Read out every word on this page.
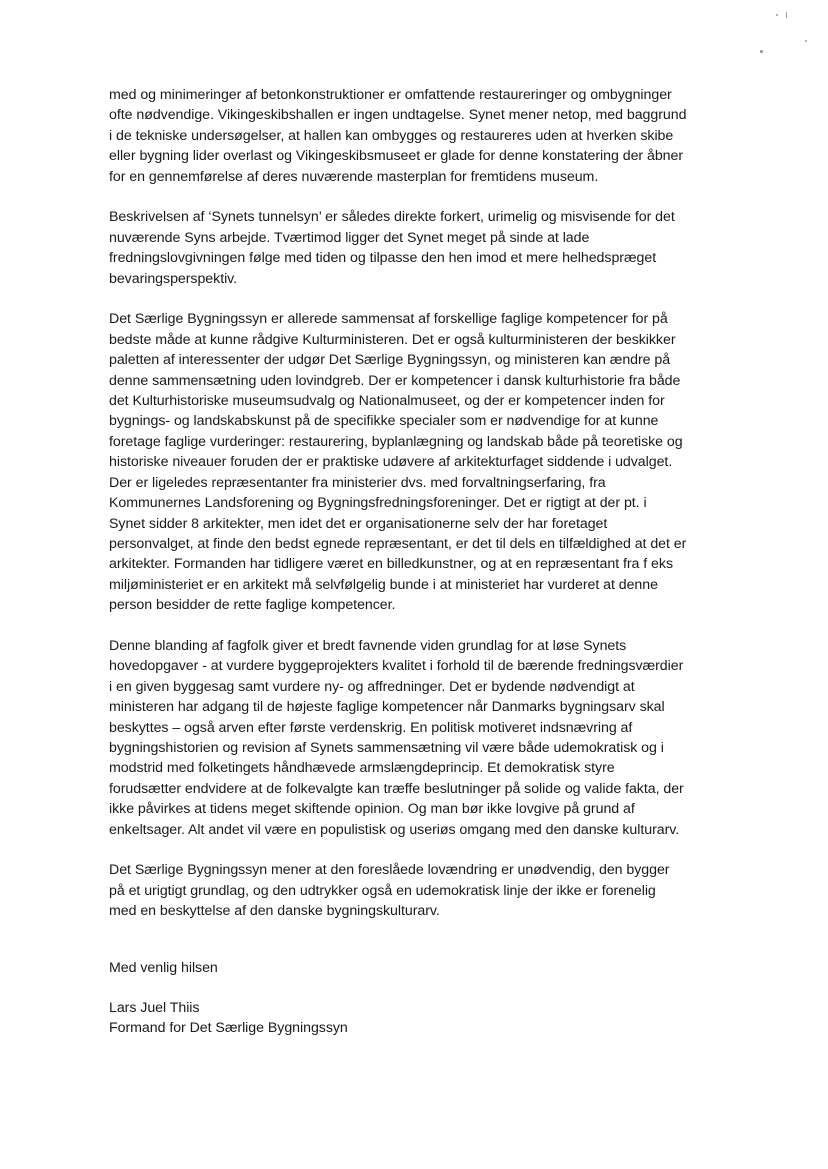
med og minimeringer af betonkonstruktioner er omfattende restaureringer og ombygninger
ofte nødvendige. Vikingeskibshallen er ingen undtagelse. Synet mener netop, med baggrund
i de tekniske undersøgelser, at hallen kan ombygges og restaureres uden at hverken skibe
eller bygning lider overlast og Vikingeskibsmuseet er glade for denne konstatering der åbner
for en gennemførelse af deres nuværende masterplan for fremtidens museum.

Beskrivelsen af ‘Synets tunnelsyn’ er således direkte forkert, urimelig og misvisende for det
nuværende Syns arbejde. Tværtimod ligger det Synet meget på sinde at lade
fredningslovgivningen følge med tiden og tilpasse den hen imod et mere helhedspræget
bevaringsperspektiv.

Det Særlige Bygningssyn er allerede sammensat af forskellige faglige kompetencer for på
bedste måde at kunne rådgive Kulturministeren. Det er også kulturministeren der beskikker
paletten af interessenter der udgør Det Særlige Bygningssyn, og ministeren kan ændre på
denne sammensætning uden lovindgreb. Der er kompetencer i dansk kulturhistorie fra både
det Kulturhistoriske museumsudvalg og Nationalmuseet, og der er kompetencer inden for
bygnings- og landskabskunst på de specifikke specialer som er nødvendige for at kunne
foretage faglige vurderinger: restaurering, byplanlægning og landskab både på teoretiske og
historiske niveauer foruden der er praktiske udøvere af arkitekturfaget siddende i udvalget.
Der er ligeledes repræsentanter fra ministerier dvs. med forvaltningserfaring, fra
Kommunernes Landsforening og Bygningsfredningsforeninger. Det er rigtigt at der pt. i
Synet sidder 8 arkitekter, men idet det er organisationerne selv der har foretaget
personvalget, at finde den bedst egnede repræsentant, er det til dels en tilfældighed at det er
arkitekter. Formanden har tidligere været en billedkunstner, og at en repræsentant fra f eks
miljøministeriet er en arkitekt må selvfølgelig bunde i at ministeriet har vurderet at denne
person besidder de rette faglige kompetencer.

Denne blanding af fagfolk giver et bredt favnende viden grundlag for at løse Synets
hovedopgaver - at vurdere byggeprojekters kvalitet i forhold til de bærende fredningsværdier
i en given byggesag samt vurdere ny- og affredninger. Det er bydende nødvendigt at
ministeren har adgang til de højeste faglige kompetencer når Danmarks bygningsarv skal
beskyttes – også arven efter første verdenskrig. En politisk motiveret indsnævring af
bygningshistorien og revision af Synets sammensætning vil være både udemokratisk og i
modstrid med folketingets håndhævede armslængdeprincip. Et demokratisk styre
forudsætter endvidere at de folkevalgte kan træffe beslutninger på solide og valide fakta, der
ikke påvirkes at tidens meget skiftende opinion. Og man bør ikke lovgive på grund af
enkeltsager. Alt andet vil være en populistisk og useriøs omgang med den danske kulturarv.

Det Særlige Bygningssyn mener at den foreslåede lovændring er unødvendig, den bygger
på et urigtigt grundlag, og den udtrykker også en udemokratisk linje der ikke er forenelig
med en beskyttelse af den danske bygningskulturarv.

Med venlig hilsen
Lars Juel Thiis
Formand for Det Særlige Bygningssyn
